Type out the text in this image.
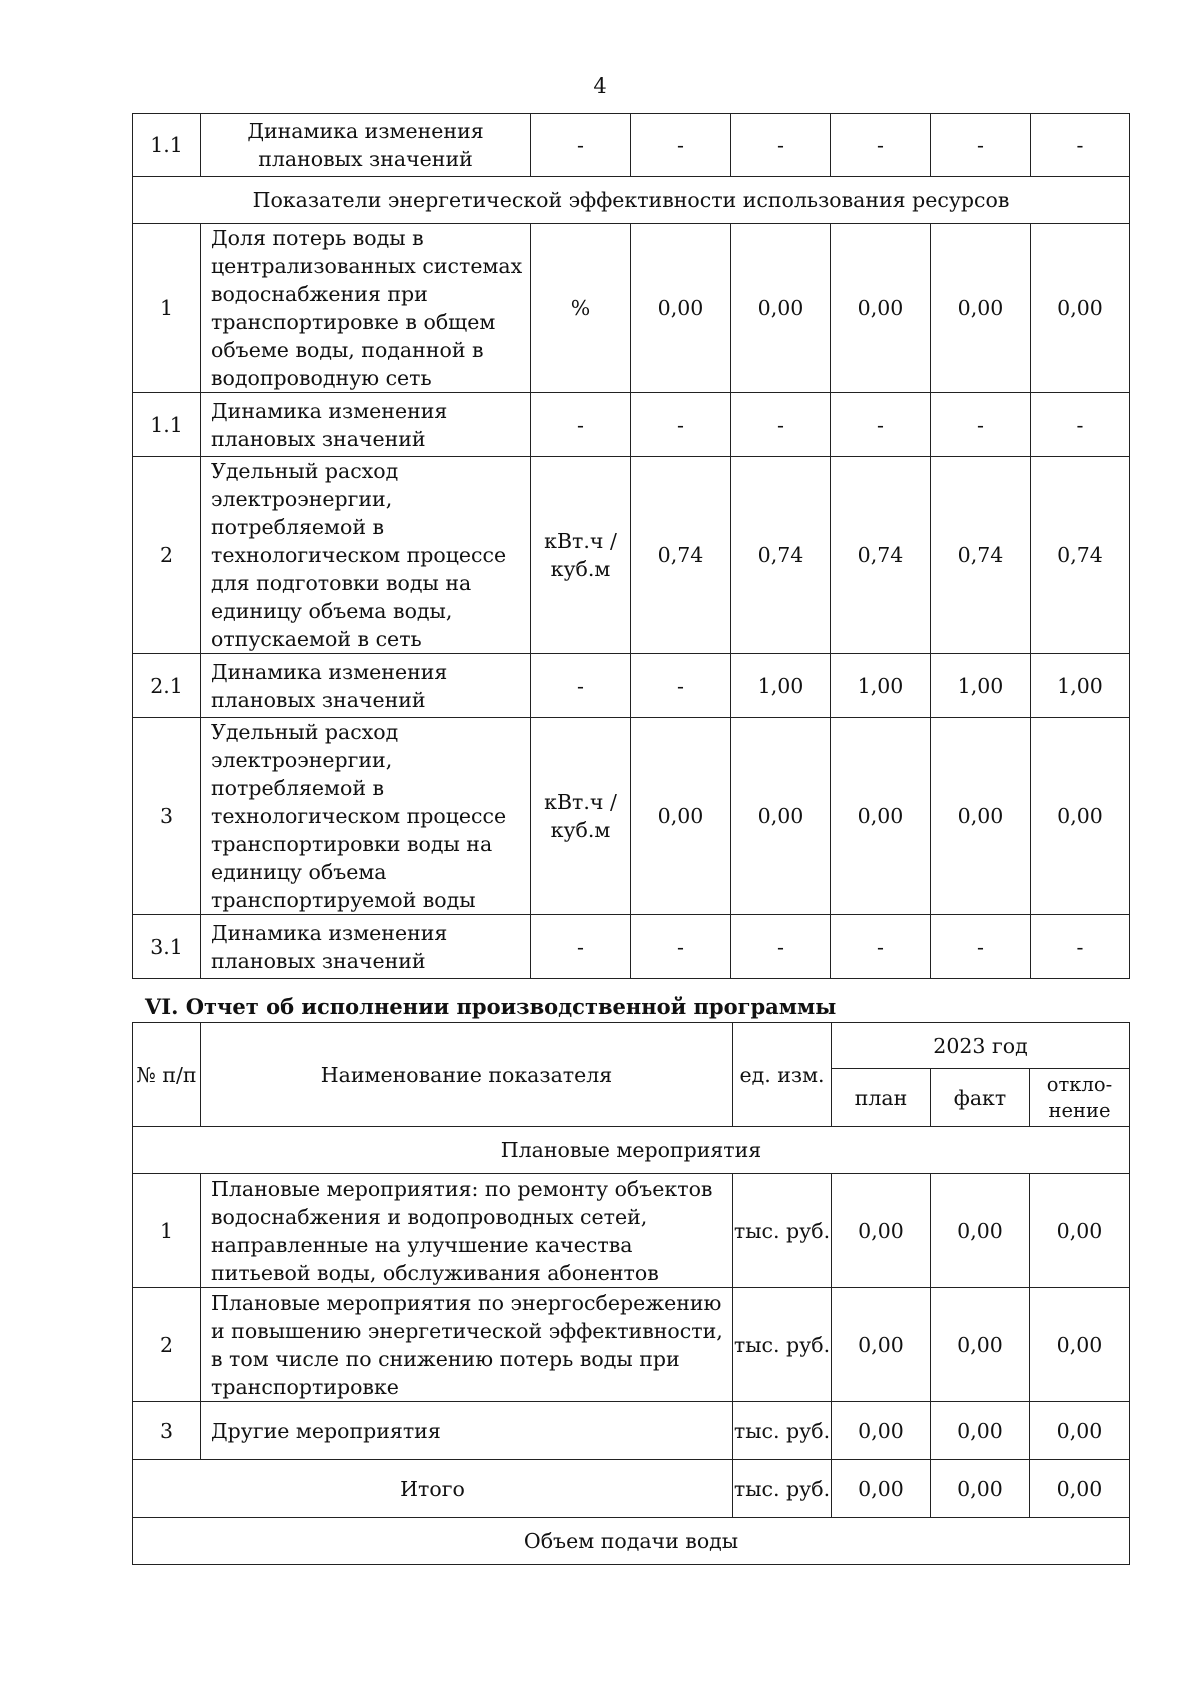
4
1.1	Динамика изменения плановых значений	-	-	-	-	-	-
Показатели энергетической эффективности использования ресурсов							
1	Доля потерь воды в централизованных системах водоснабжения при транспортировке в общем объеме воды, поданной в водопроводную сеть	%	0,00	0,00	0,00	0,00	0,00
1.1	Динамика изменения плановых значений	-	-	-	-	-	-
2	Удельный расход электроэнергии, потребляемой в технологическом процессе для подготовки воды на единицу объема воды, отпускаемой в сеть	кВт.ч / куб.м	0,74	0,74	0,74	0,74	0,74
2.1	Динамика изменения плановых значений	-	-	1,00	1,00	1,00	1,00
3	Удельный расход электроэнергии, потребляемой в технологическом процессе транспортировки воды на единицу объема транспортируемой воды	кВт.ч / куб.м	0,00	0,00	0,00	0,00	0,00
3.1	Динамика изменения плановых значений	-	-	-	-	-	-
VI. Отчет об исполнении производственной программы
№ п/п	Наименование показателя	ед. изм.	2023 год		
			план	факт	откло-нение
Плановые мероприятия					
1	Плановые мероприятия: по ремонту объектов водоснабжения и водопроводных сетей, направленные на улучшение качества питьевой воды, обслуживания абонентов	тыс. руб.	0,00	0,00	0,00
2	Плановые мероприятия по энергосбережению и повышению энергетической эффективности, в том числе по снижению потерь воды при транспортировке	тыс. руб.	0,00	0,00	0,00
3	Другие мероприятия	тыс. руб.	0,00	0,00	0,00
Итого		тыс. руб.	0,00	0,00	0,00
Объем подачи воды					
